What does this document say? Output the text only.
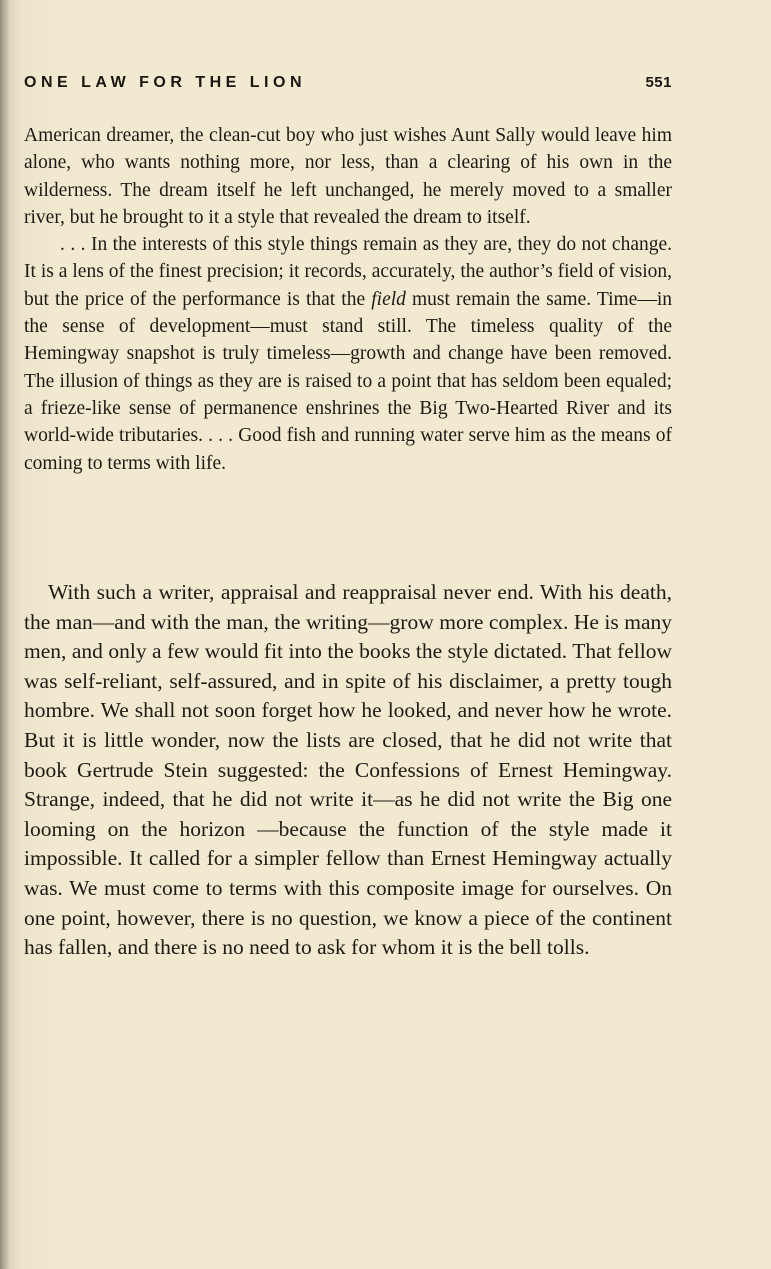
ONE LAW FOR THE LION	551

American dreamer, the clean-cut boy who just wishes Aunt Sally would leave him alone, who wants nothing more, nor less, than a clearing of his own in the wilderness. The dream itself he left unchanged, he merely moved to a smaller river, but he brought to it a style that revealed the dream to itself.

. . . In the interests of this style things remain as they are, they do not change. It is a lens of the finest precision; it records, accurately, the author’s field of vision, but the price of the performance is that the field must remain the same. Time—in the sense of development—must stand still. The timeless quality of the Hemingway snapshot is truly timeless—growth and change have been removed. The illusion of things as they are is raised to a point that has seldom been equaled; a frieze-like sense of permanence enshrines the Big Two-Hearted River and its world-wide tributaries. . . . Good fish and running water serve him as the means of coming to terms with life.

With such a writer, appraisal and reappraisal never end. With his death, the man—and with the man, the writing—grow more complex. He is many men, and only a few would fit into the books the style dictated. That fellow was self-reliant, self-assured, and in spite of his disclaimer, a pretty tough hombre. We shall not soon forget how he looked, and never how he wrote. But it is little wonder, now the lists are closed, that he did not write that book Gertrude Stein suggested: the Confessions of Ernest Hemingway. Strange, indeed, that he did not write it—as he did not write the Big one looming on the horizon —because the function of the style made it impossible. It called for a simpler fellow than Ernest Hemingway actually was. We must come to terms with this composite image for ourselves. On one point, however, there is no question, we know a piece of the continent has fallen, and there is no need to ask for whom it is the bell tolls.
